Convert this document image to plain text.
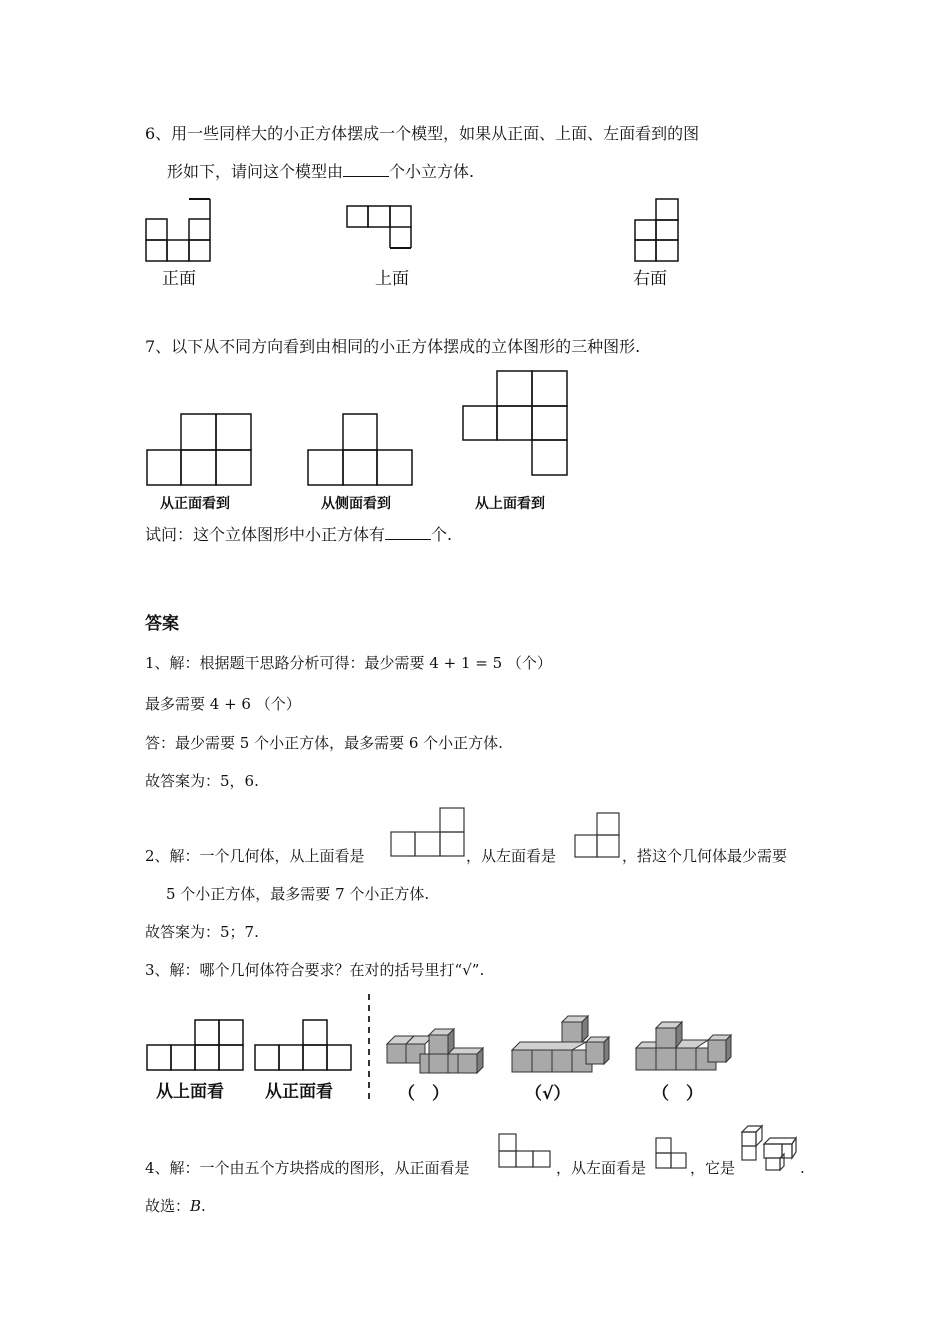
6、用一些同样大的小正方体摆成一个模型，如果从正面、上面、左面看到的图
形如下，请问这个模型由	个小立方体.
正面	上面	右面
7、以下从不同方向看到由相同的小正方体摆成的立体图形的三种图形.
从正面看到	从侧面看到	从上面看到
试问：这个立体图形中小正方体有	个.
答案
1、解：根据题干思路分析可得：最少需要 4 + 1 = 5 （个）
最多需要 4 + 6 （个）
答：最少需要 5 个小正方体，最多需要 6 个小正方体.
故答案为：5，6.
2、解：一个几何体，从上面看是	，从左面看是	，搭这个几何体最少需要
5 个小正方体，最多需要 7 个小正方体.
故答案为：5；7.
3、解：哪个几何体符合要求？在对的括号里打“√”.
从上面看 从正面看	（　）	（√）	（　）
4、解：一个由五个方块搭成的图形，从正面看是	，从左面看是	，它是	.
故选：B.
